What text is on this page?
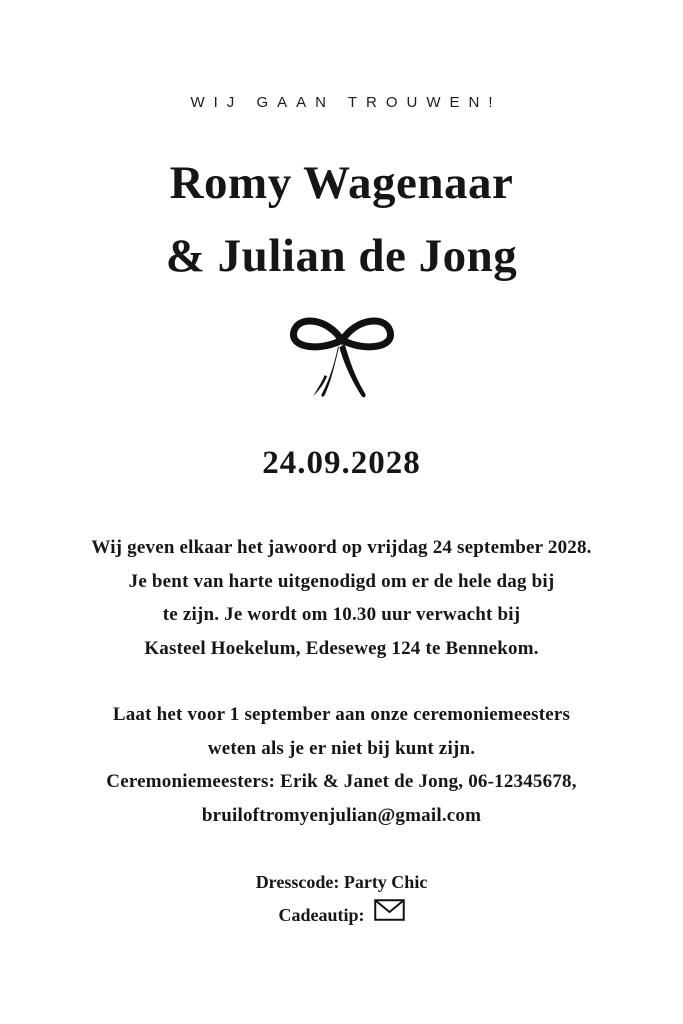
WIJ GAAN TROUWEN!
Romy Wagenaar
& Julian de Jong
24.09.2028
Wij geven elkaar het jawoord op vrijdag 24 september 2028.
Je bent van harte uitgenodigd om er de hele dag bij
te zijn. Je wordt om 10.30 uur verwacht bij
Kasteel Hoekelum, Edeseweg 124 te Bennekom.
Laat het voor 1 september aan onze ceremoniemeesters
weten als je er niet bij kunt zijn.
Ceremoniemeesters: Erik & Janet de Jong, 06-12345678,
bruiloftromyenjulian@gmail.com
Dresscode: Party Chic
Cadeautip:
